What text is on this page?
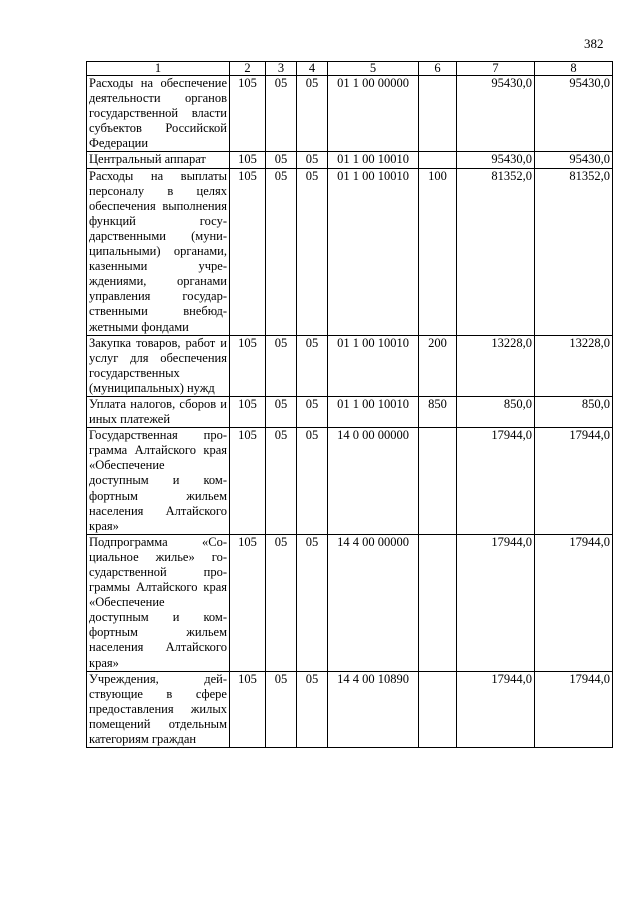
382
1	2	3	4	5	6	7	8
Расходы на обеспечение деятельности органов государственной власти субъектов Российской Федерации	105	05	05	01 1 00 00000		95430,0	95430,0
Центральный аппарат	105	05	05	01 1 00 10010		95430,0	95430,0
Расходы на выплаты персоналу в целях обеспечения выполнения функций государственными (муниципальными) органами, казенными учреждениями, органами управления государственными внебюджетными фондами	105	05	05	01 1 00 10010	100	81352,0	81352,0
Закупка товаров, работ и услуг для обеспечения государственных (муниципальных) нужд	105	05	05	01 1 00 10010	200	13228,0	13228,0
Уплата налогов, сборов и иных платежей	105	05	05	01 1 00 10010	850	850,0	850,0
Государственная программа Алтайского края «Обеспечение доступным и комфортным жильем населения Алтайского края»	105	05	05	14 0 00 00000		17944,0	17944,0
Подпрограмма «Социальное жилье» государственной программы Алтайского края «Обеспечение доступным и комфортным жильем населения Алтайского края»	105	05	05	14 4 00 00000		17944,0	17944,0
Учреждения, действующие в сфере предоставления жилых помещений отдельным категориям граждан	105	05	05	14 4 00 10890		17944,0	17944,0
